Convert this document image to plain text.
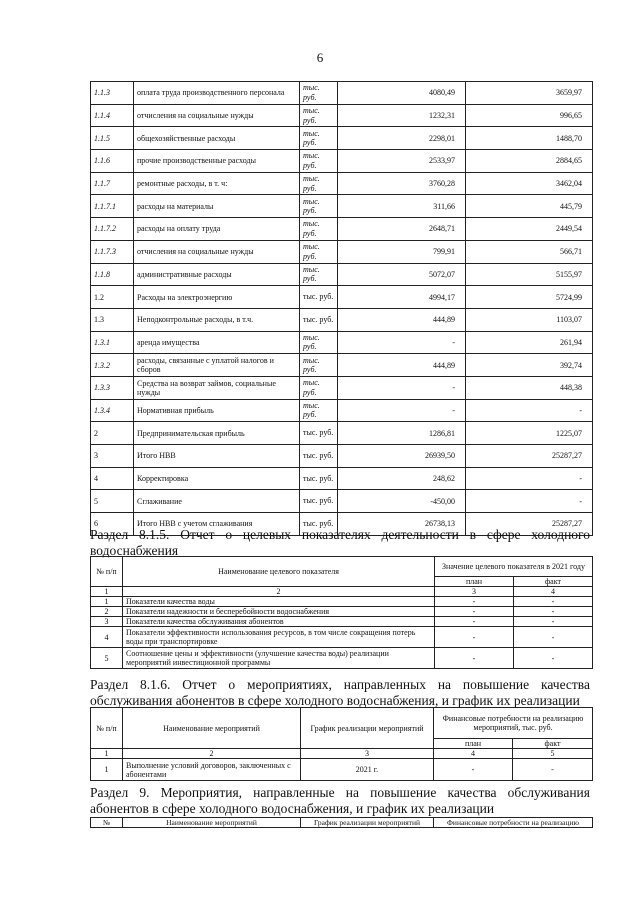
6
1.1.3	оплата труда производственного персонала	тыс. руб.	4080,49	3659,97
1.1.4	отчисления на социальные нужды	тыс. руб.	1232,31	996,65
1.1.5	общехозяйственные расходы	тыс. руб.	2298,01	1488,70
1.1.6	прочие производственные расходы	тыс. руб.	2533,97	2884,65
1.1.7	ремонтные расходы, в т. ч:	тыс. руб.	3760,28	3462,04
1.1.7.1	расходы на материалы	тыс. руб.	311,66	445,79
1.1.7.2	расходы на оплату труда	тыс. руб.	2648,71	2449,54
1.1.7.3	отчисления на социальные нужды	тыс. руб.	799,91	566,71
1.1.8	административные расходы	тыс. руб.	5072,07	5155,97
1.2	Расходы на электроэнергию	тыс. руб.	4994,17	5724,99
1.3	Неподконтрольные расходы, в т.ч.	тыс. руб.	444,89	1103,07
1.3.1	аренда имущества	тыс. руб.	-	261,94
1.3.2	расходы, связанные с уплатой налогов и сборов	тыс. руб.	444,89	392,74
1.3.3	Средства на возврат займов, социальные нужды	тыс. руб.	-	448,38
1.3.4	Нормативная прибыль	тыс. руб.	-	-
2	Предпринимательская прибыль	тыс. руб.	1286,81	1225,07
3	Итого НВВ	тыс. руб.	26939,50	25287,27
4	Корректировка	тыс. руб.	248,62	-
5	Сглаживание	тыс. руб.	-450,00	-
6	Итого НВВ с учетом сглаживания	тыс. руб.	26738,13	25287,27
Раздел 8.1.5. Отчет о целевых показателях деятельности в сфере холодного водоснабжения
№ п/п	Наименование целевого показателя	Значение целевого показателя в 2021 году	
		план	факт
1	2	3	4
1	Показатели качества воды	-	-
2	Показатели надежности и бесперебойности водоснабжения	-	-
3	Показатели качества обслуживания абонентов	-	-
4	Показатели эффективности использования ресурсов, в том числе сокращения потерь воды при транспортировке	-	-
5	Соотношение цены и эффективности (улучшение качества воды) реализации мероприятий инвестиционной программы	-	-
Раздел 8.1.6. Отчет о мероприятиях, направленных на повышение качества обслуживания абонентов в сфере холодного водоснабжения, и график их реализации
№ п/п	Наименование мероприятий	График реализации мероприятий	Финансовые потребности на реализацию мероприятий, тыс. руб.	
			план	факт
1	2	3	4	5
1	Выполнение условий договоров, заключенных с абонентами	2021 г.	-	-
Раздел 9. Мероприятия, направленные на повышение качества обслуживания абонентов в сфере холодного водоснабжения, и график их реализации
№	Наименование мероприятий	График реализации мероприятий	Финансовые потребности на реализацию
